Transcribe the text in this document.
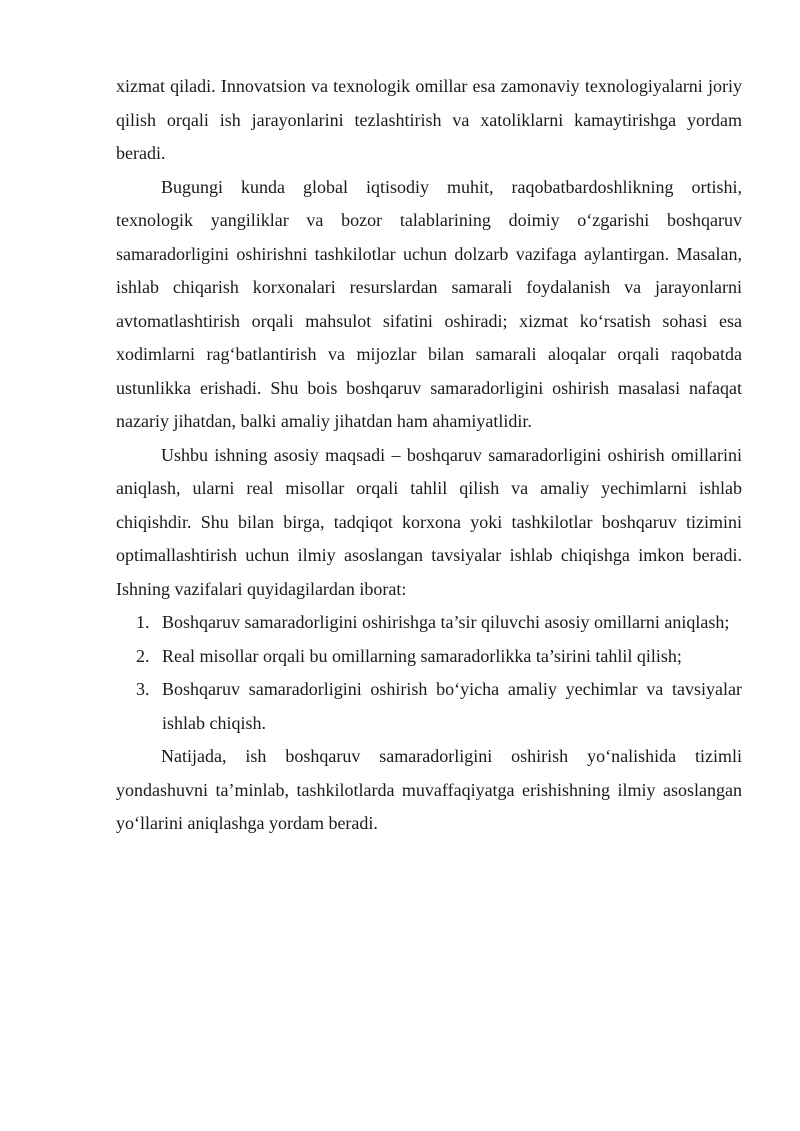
xizmat qiladi. Innovatsion va texnologik omillar esa zamonaviy texnologiyalarni joriy qilish orqali ish jarayonlarini tezlashtirish va xatoliklarni kamaytirishga yordam beradi.

Bugungi kunda global iqtisodiy muhit, raqobatbardoshlikning ortishi, texnologik yangiliklar va bozor talablarining doimiy o‘zgarishi boshqaruv samaradorligini oshirishni tashkilotlar uchun dolzarb vazifaga aylantirgan. Masalan, ishlab chiqarish korxonalari resurslardan samarali foydalanish va jarayonlarni avtomatlashtirish orqali mahsulot sifatini oshiradi; xizmat ko‘rsatish sohasi esa xodimlarni rag‘batlantirish va mijozlar bilan samarali aloqalar orqali raqobatda ustunlikka erishadi. Shu bois boshqaruv samaradorligini oshirish masalasi nafaqat nazariy jihatdan, balki amaliy jihatdan ham ahamiyatlidir.

Ushbu ishning asosiy maqsadi – boshqaruv samaradorligini oshirish omillarini aniqlash, ularni real misollar orqali tahlil qilish va amaliy yechimlarni ishlab chiqishdir. Shu bilan birga, tadqiqot korxona yoki tashkilotlar boshqaruv tizimini optimallashtirish uchun ilmiy asoslangan tavsiyalar ishlab chiqishga imkon beradi. Ishning vazifalari quyidagilardan iborat:

1. Boshqaruv samaradorligini oshirishga ta’sir qiluvchi asosiy omillarni aniqlash;
2. Real misollar orqali bu omillarning samaradorlikka ta’sirini tahlil qilish;
3. Boshqaruv samaradorligini oshirish bo‘yicha amaliy yechimlar va tavsiyalar ishlab chiqish.

Natijada, ish boshqaruv samaradorligini oshirish yo‘nalishida tizimli yondashuvni ta’minlab, tashkilotlarda muvaffaqiyatga erishishning ilmiy asoslangan yo‘llarini aniqlashga yordam beradi.
